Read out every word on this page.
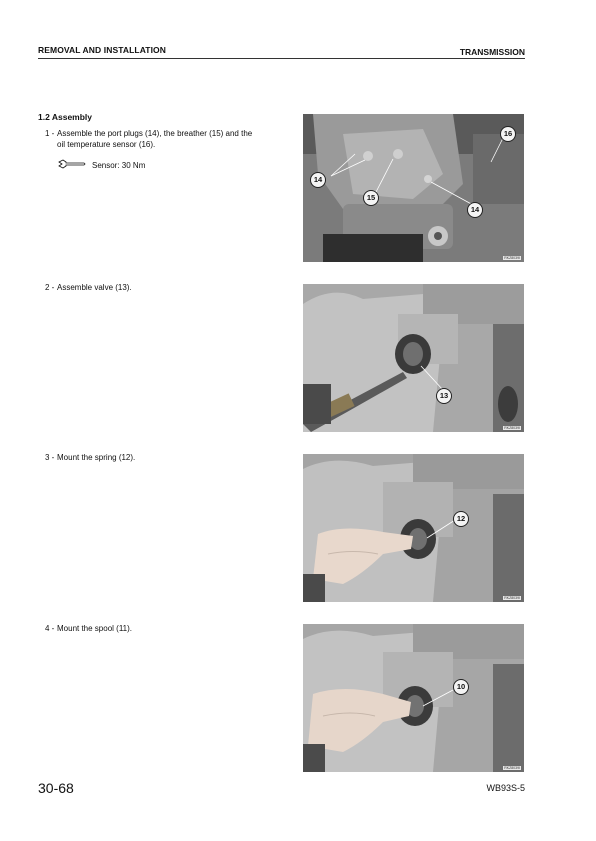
REMOVAL AND INSTALLATION	TRANSMISSION
1.2 Assembly
1 - Assemble the port plugs (14), the breather (15) and the
oil temperature sensor (16).
Sensor: 30 Nm
2 - Assemble valve (13).
3 - Mount the spring (12).
4 - Mount the spool (11).
14
15
16
14
RKZ8039I
13
RKZ8039I
12
RKZ8039I
10
RKZ8039I
30-68	WB93S-5
